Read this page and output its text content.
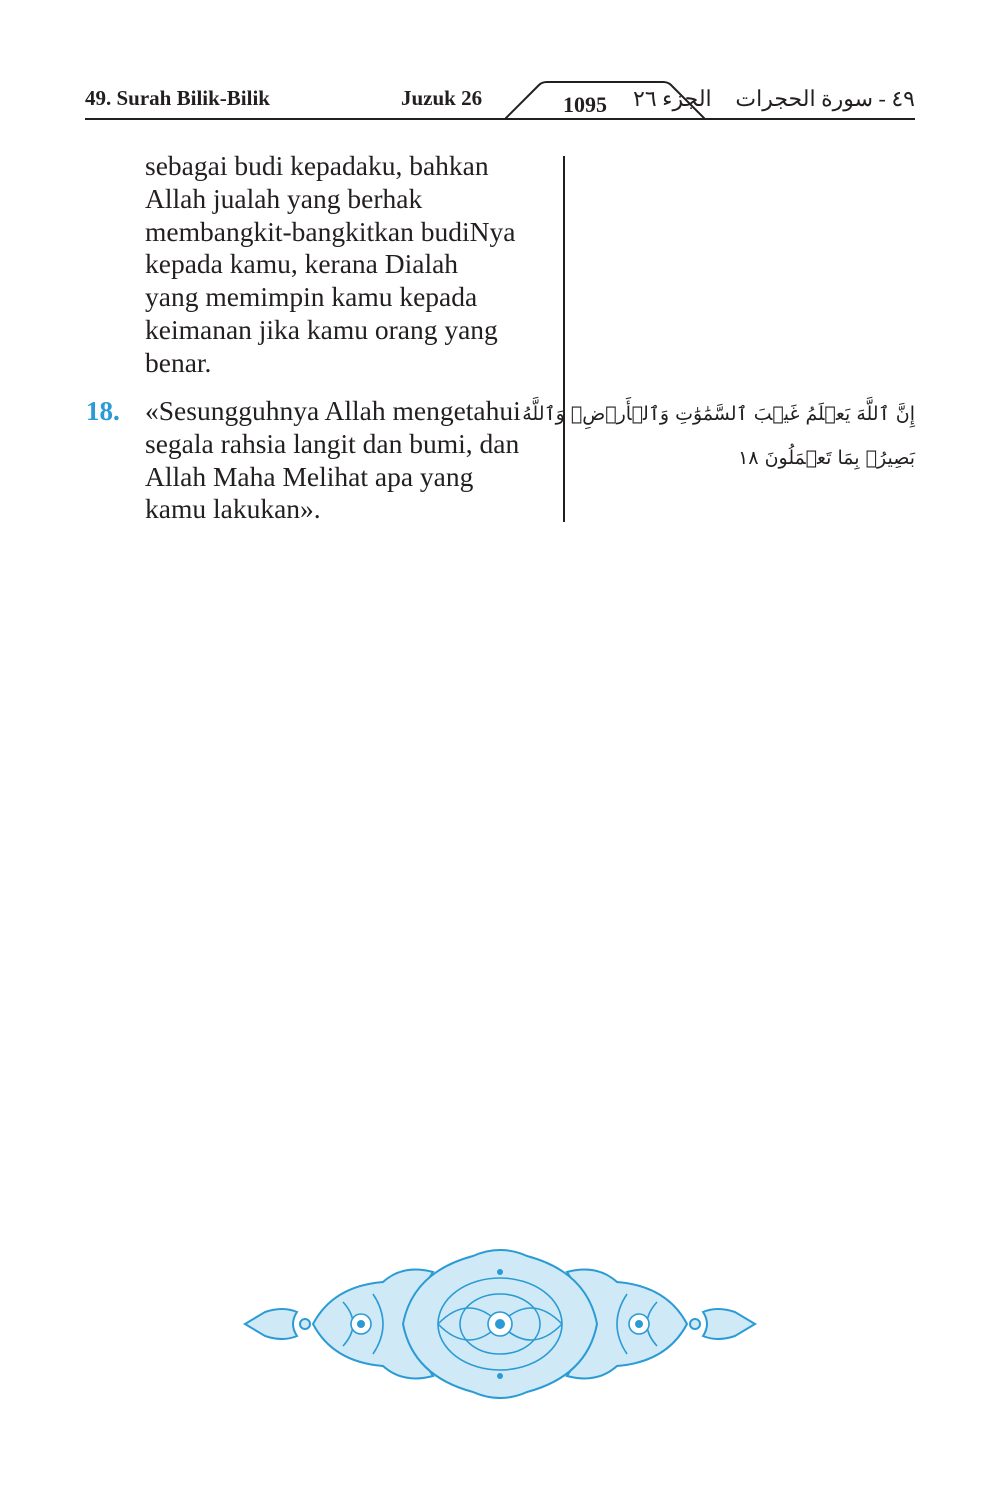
49. Surah Bilik-Bilik	Juzuk 26	1095	الجزء ٢٦ ٤٩ - سورة الحجرات
sebagai budi kepadaku, bahkan
Allah jualah yang berhak
membangkit-bangkitkan budiNya
kepada kamu, kerana Dialah
yang memimpin kamu kepada
keimanan jika kamu orang yang
benar.
18. «Sesungguhnya Allah mengetahui
segala rahsia langit dan bumi, dan
Allah Maha Melihat apa yang
kamu lakukan».
إِنَّ ٱللَّهَ يَعۡلَمُ غَيۡبَ ٱلسَّمَٰوَٰتِ وَٱلۡأَرۡضِۚ وَٱللَّهُ
بَصِيرُۢ بِمَا تَعۡمَلُونَ ١٨
